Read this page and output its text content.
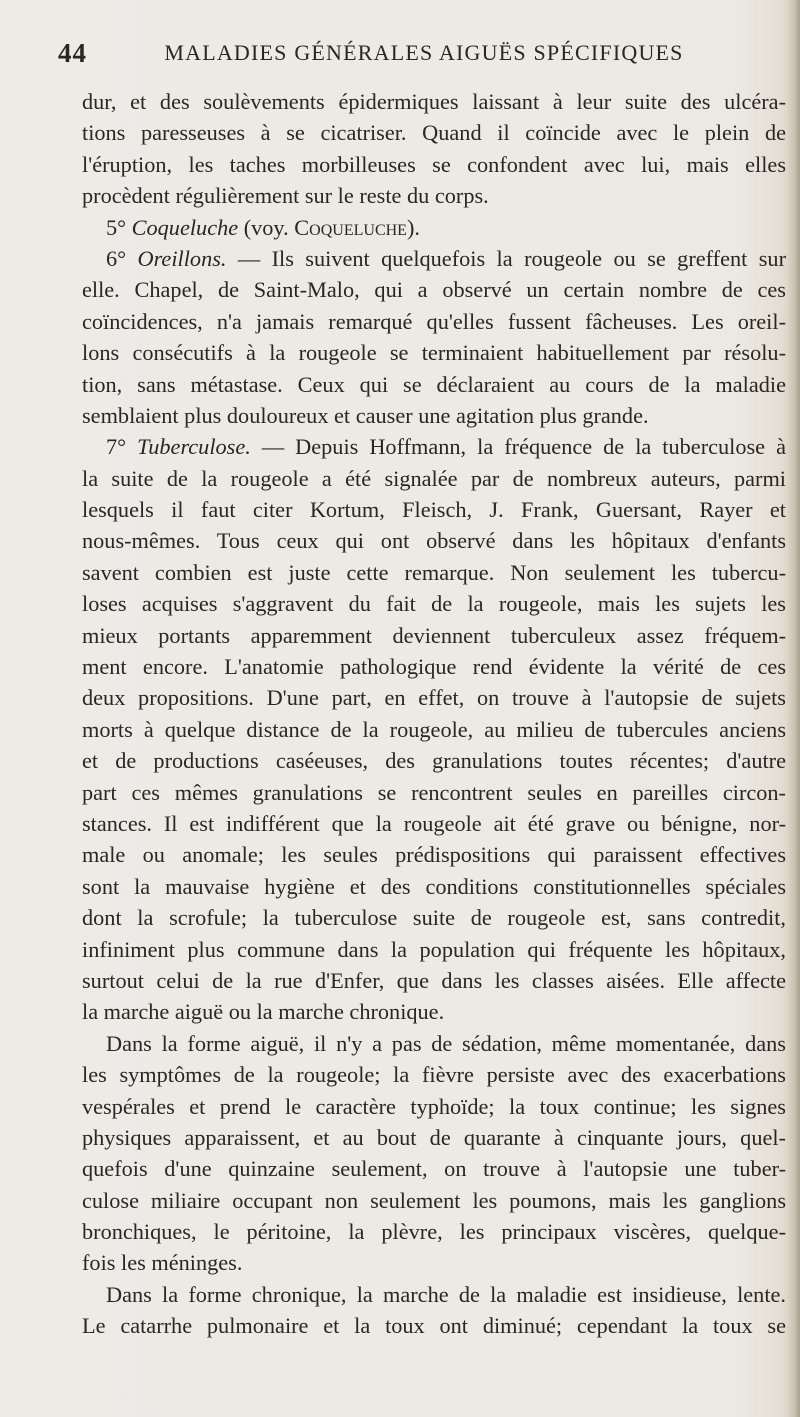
44	MALADIES GÉNÉRALES AIGUËS SPÉCIFIQUES
dur, et des soulèvements épidermiques laissant à leur suite des ulcéra-
tions paresseuses à se cicatriser. Quand il coïncide avec le plein de
l'éruption, les taches morbilleuses se confondent avec lui, mais elles
procèdent régulièrement sur le reste du corps.
5° Coqueluche (voy. Coqueluche).
6° Oreillons. — Ils suivent quelquefois la rougeole ou se greffent sur
elle. Chapel, de Saint-Malo, qui a observé un certain nombre de ces
coïncidences, n'a jamais remarqué qu'elles fussent fâcheuses. Les oreil-
lons consécutifs à la rougeole se terminaient habituellement par résolu-
tion, sans métastase. Ceux qui se déclaraient au cours de la maladie
semblaient plus douloureux et causer une agitation plus grande.
7° Tuberculose. — Depuis Hoffmann, la fréquence de la tuberculose à
la suite de la rougeole a été signalée par de nombreux auteurs, parmi
lesquels il faut citer Kortum, Fleisch, J. Frank, Guersant, Rayer et
nous-mêmes. Tous ceux qui ont observé dans les hôpitaux d'enfants
savent combien est juste cette remarque. Non seulement les tubercu-
loses acquises s'aggravent du fait de la rougeole, mais les sujets les
mieux portants apparemment deviennent tuberculeux assez fréquem-
ment encore. L'anatomie pathologique rend évidente la vérité de ces
deux propositions. D'une part, en effet, on trouve à l'autopsie de sujets
morts à quelque distance de la rougeole, au milieu de tubercules anciens
et de productions caséeuses, des granulations toutes récentes; d'autre
part ces mêmes granulations se rencontrent seules en pareilles circon-
stances. Il est indifférent que la rougeole ait été grave ou bénigne, nor-
male ou anomale; les seules prédispositions qui paraissent effectives
sont la mauvaise hygiène et des conditions constitutionnelles spéciales
dont la scrofule; la tuberculose suite de rougeole est, sans contredit,
infiniment plus commune dans la population qui fréquente les hôpitaux,
surtout celui de la rue d'Enfer, que dans les classes aisées. Elle affecte
la marche aiguë ou la marche chronique.
Dans la forme aiguë, il n'y a pas de sédation, même momentanée, dans
les symptômes de la rougeole; la fièvre persiste avec des exacerbations
vespérales et prend le caractère typhoïde; la toux continue; les signes
physiques apparaissent, et au bout de quarante à cinquante jours, quel-
quefois d'une quinzaine seulement, on trouve à l'autopsie une tuber-
culose miliaire occupant non seulement les poumons, mais les ganglions
bronchiques, le péritoine, la plèvre, les principaux viscères, quelque-
fois les méninges.
Dans la forme chronique, la marche de la maladie est insidieuse, lente.
Le catarrhe pulmonaire et la toux ont diminué; cependant la toux se
